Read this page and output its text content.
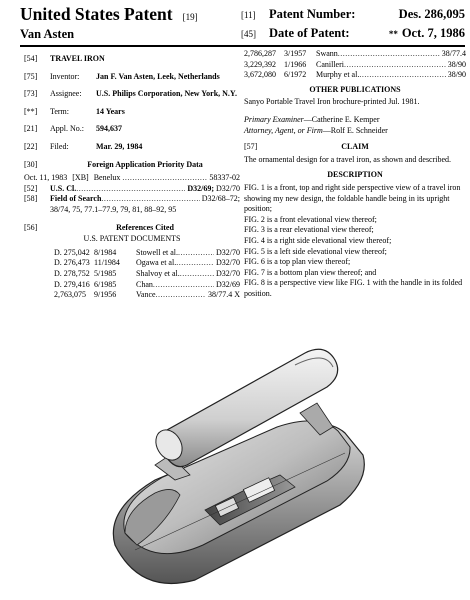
United States Patent [19]
Van Asten
[11]	Patent Number:	Des. 286,095
[45]	Date of Patent:	** Oct. 7, 1986
[54]	TRAVEL IRON
[75]	Inventor:	Jan F. Van Asten, Leek, Netherlands
[73]	Assignee:	U.S. Philips Corporation, New York, N.Y.
[**]	Term:	14 Years
[21]	Appl. No.:	594,637
[22]	Filed:	Mar. 29, 1984
[30]	Foreign Application Priority Data
Oct. 11, 1983 [XB] Benelux .....	58337-02
[52]	U.S. Cl. .....	D32/69; D32/70
[58]	Field of Search .....	D32/68–72;
38/74, 75, 77.1–77.9, 79, 81, 88–92, 95
[56]	References Cited
U.S. PATENT DOCUMENTS
D. 275,042 8/1984	Stowell et al. .....	D32/70
D. 276,473 11/1984	Ogawa et al. .....	D32/70
D. 278,752 5/1985	Shalvoy et al. .....	D32/70
D. 279,416 6/1985	Chan .....	D32/69
2,763,075	9/1956	Vance .....	38/77.4 X
2,786,287	3/1957	Swann .....	38/77.4
3,229,392	1/1966	Canilleri .....	38/90
3,672,080	6/1972	Murphy et al. .....	38/90
OTHER PUBLICATIONS
Sanyo Portable Travel Iron brochure-printed Jul. 1981.
Primary Examiner—Catherine E. Kemper
Attorney, Agent, or Firm—Rolf E. Schneider
[57]	CLAIM
The ornamental design for a travel iron, as shown and described.
DESCRIPTION
FIG. 1 is a front, top and right side perspective view of a travel iron showing my new design, the foldable handle being in its upright position;
FIG. 2 is a front elevational view thereof;
FIG. 3 is a rear elevational view thereof;
FIG. 4 is a right side elevational view thereof;
FIG. 5 is a left side elevational view thereof;
FIG. 6 is a top plan view thereof;
FIG. 7 is a bottom plan view thereof; and
FIG. 8 is a perspective view like FIG. 1 with the handle in its folded position.
